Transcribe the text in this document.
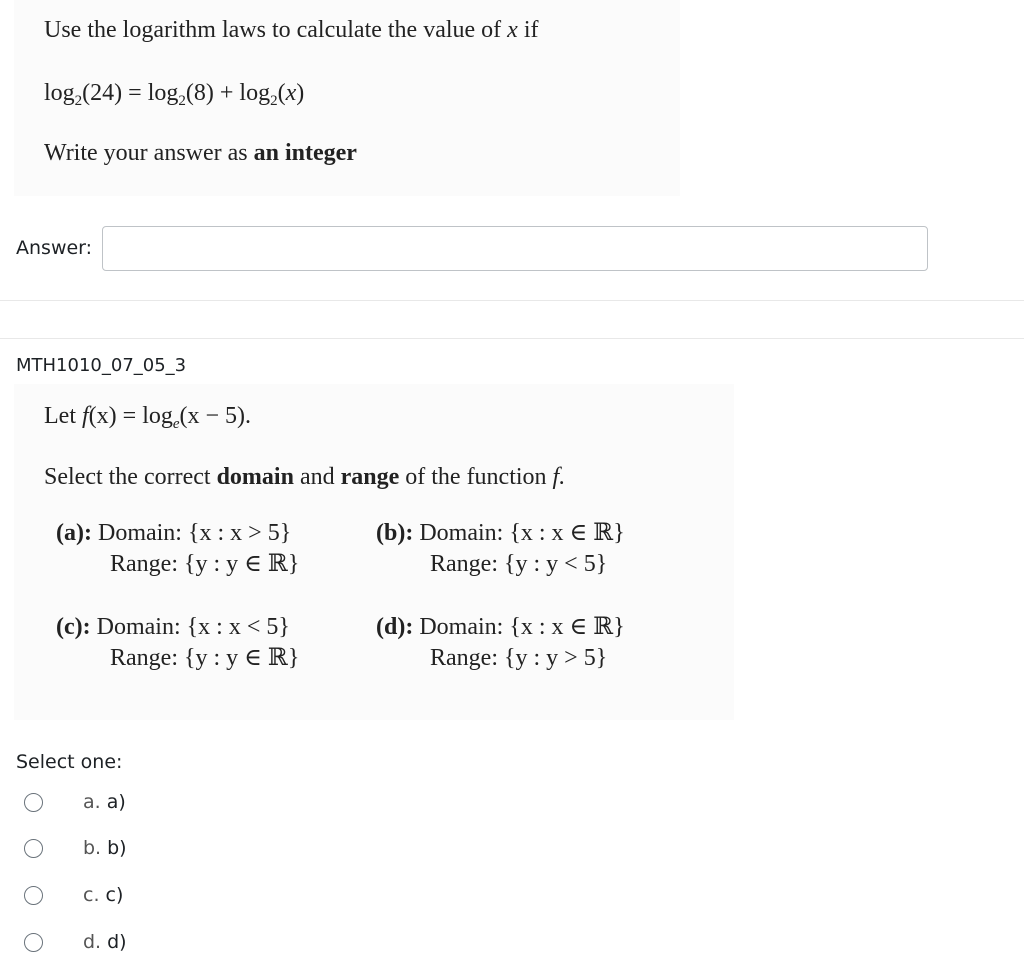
Use the logarithm laws to calculate the value of x if
$\log_2(24) = \log_2(8) + \log_2(x)$
Write your answer as an integer
Answer:
MTH1010_07_05_3
Let $f(x) = \log_e(x - 5)$.
Select the correct domain and range of the function f.
(a): Domain: {x : x > 5}
Range: {y : y ∈ ℝ}
(b): Domain: {x : x ∈ ℝ}
Range: {y : y < 5}
(c): Domain: {x : x < 5}
Range: {y : y ∈ ℝ}
(d): Domain: {x : x ∈ ℝ}
Range: {y : y > 5}
Select one:
a. a)
b. b)
c. c)
d. d)
